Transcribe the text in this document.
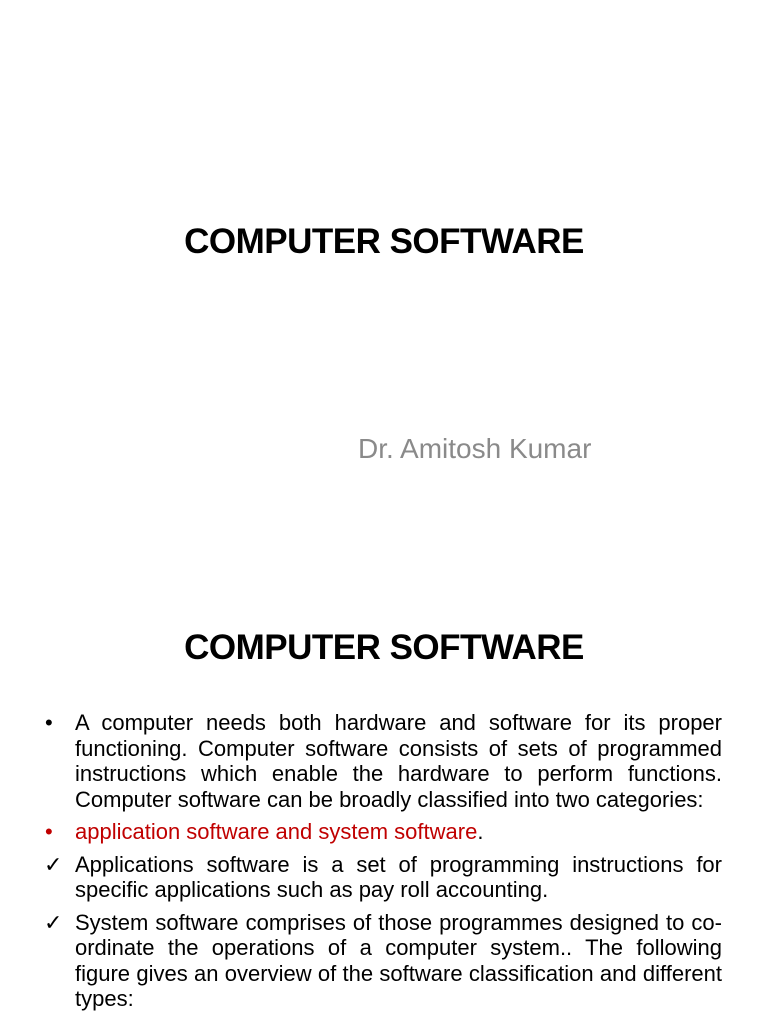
COMPUTER SOFTWARE
Dr. Amitosh Kumar
COMPUTER SOFTWARE
•	A computer needs both hardware and software for its proper functioning. Computer software consists of sets of programmed instructions which enable the hardware to perform functions. Computer software can be broadly classified into two categories:
•	application software and system software.
✓ Applications software is a set of programming instructions for specific applications such as pay roll accounting.
✓ System software comprises of those programmes designed to co-ordinate the operations of a computer system.. The following figure gives an overview of the software classification and different types:
